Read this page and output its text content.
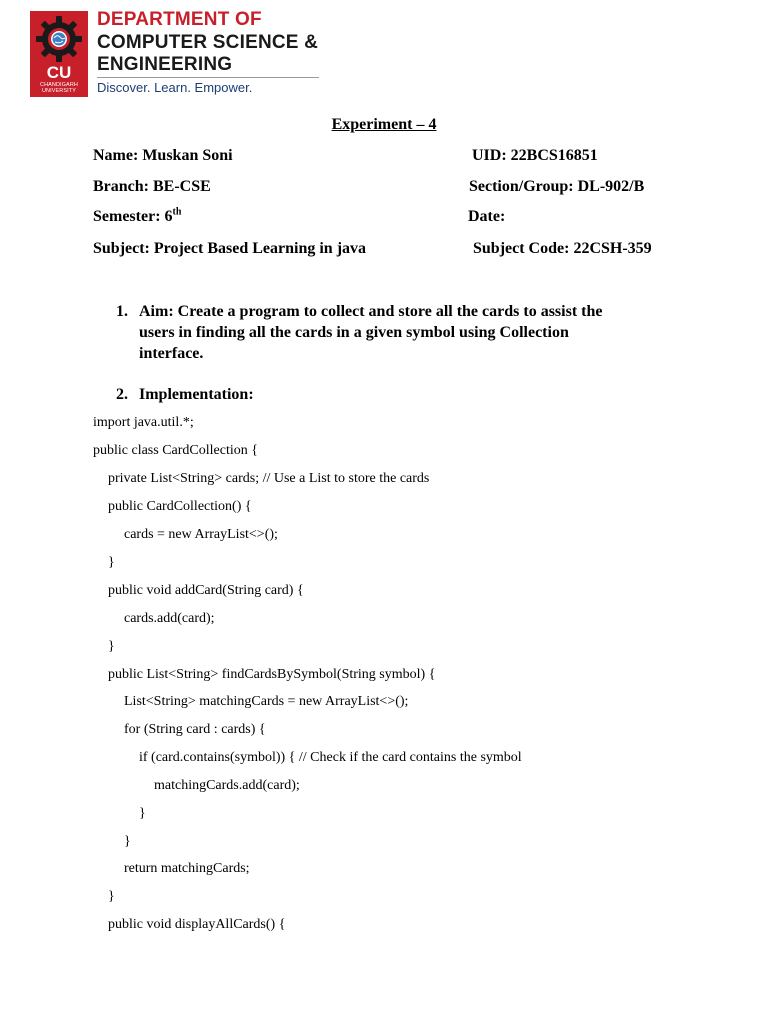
CU
CHANDIGARH
UNIVERSITY
DEPARTMENT OF
COMPUTER SCIENCE &
ENGINEERING
Discover. Learn. Empower.
Experiment – 4
Name: Muskan Soni	UID: 22BCS16851
Branch: BE-CSE	Section/Group: DL-902/B
Semester: 6th	Date:
Subject: Project Based Learning in java	Subject Code: 22CSH-359
1. Aim: Create a program to collect and store all the cards to assist the
users in finding all the cards in a given symbol using Collection
interface.
2. Implementation:
import java.util.*;
public class CardCollection {
private List<String> cards; // Use a List to store the cards
public CardCollection() {
cards = new ArrayList<>();
}
public void addCard(String card) {
cards.add(card);
}
public List<String> findCardsBySymbol(String symbol) {
List<String> matchingCards = new ArrayList<>();
for (String card : cards) {
if (card.contains(symbol)) { // Check if the card contains the symbol
matchingCards.add(card);
}
}
return matchingCards;
}
public void displayAllCards() {
